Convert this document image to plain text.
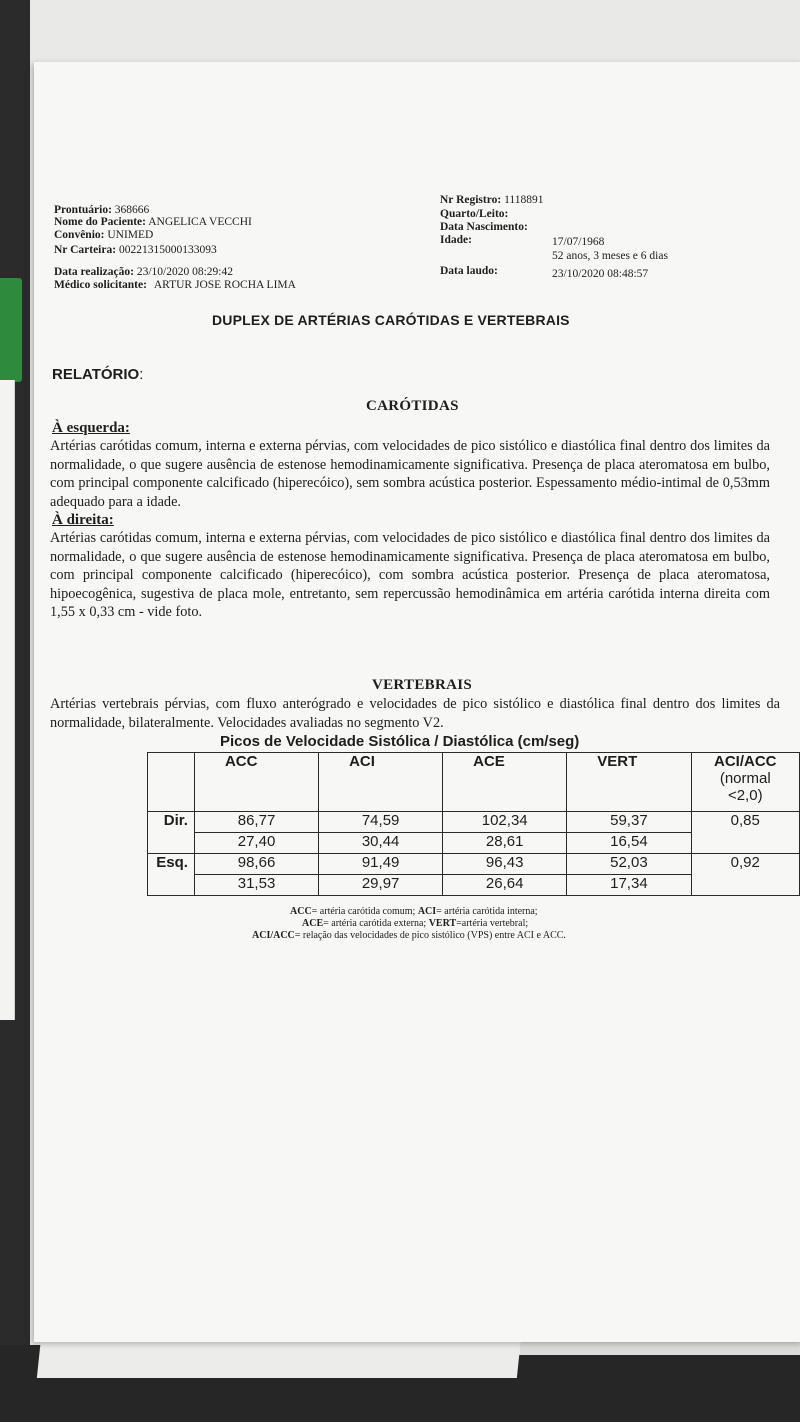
Prontuário: 368666
Nome do Paciente: ANGELICA VECCHI
Convênio: UNIMED
Nr Carteira: 00221315000133093
Data realização: 23/10/2020 08:29:42
Médico solicitante: ARTUR JOSE ROCHA LIMA
Nr Registro: 1118891
Quarto/Leito:
Data Nascimento:
17/07/1968
Idade:
52 anos, 3 meses e 6 dias
Data laudo:	23/10/2020 08:48:57
DUPLEX DE ARTÉRIAS CARÓTIDAS E VERTEBRAIS
RELATÓRIO:
CARÓTIDAS
À esquerda:
Artérias carótidas comum, interna e externa pérvias, com velocidades de pico sistólico e diastólica final dentro dos limites da normalidade, o que sugere ausência de estenose hemodinamicamente significativa. Presença de placa ateromatosa em bulbo, com principal componente calcificado (hiperecóico), sem sombra acústica posterior. Espessamento médio-intimal de 0,53mm adequado para a idade.
À direita:
Artérias carótidas comum, interna e externa pérvias, com velocidades de pico sistólico e diastólica final dentro dos limites da normalidade, o que sugere ausência de estenose hemodinamicamente significativa. Presença de placa ateromatosa em bulbo, com principal componente calcificado (hiperecóico), com sombra acústica posterior. Presença de placa ateromatosa, hipoecogênica, sugestiva de placa mole, entretanto, sem repercussão hemodinâmica em artéria carótida interna direita com 1,55 x 0,33 cm - vide foto.
VERTEBRAIS
Artérias vertebrais pérvias, com fluxo anterógrado e velocidades de pico sistólico e diastólica final dentro dos limites da normalidade, bilateralmente. Velocidades avaliadas no segmento V2.
Picos de Velocidade Sistólica / Diastólica (cm/seg)
	ACC	ACI	ACE	VERT	ACI/ACC
(normal
<2,0)

Dir.	86,77	74,59	102,34	59,37	0,85
	27,40	30,44	28,61	16,54	
Esq.	98,66	91,49	96,43	52,03	0,92
	31,53	29,97	26,64	17,34	
ACC= artéria carótida comum; ACI= artéria carótida interna;
ACE= artéria carótida externa; VERT=artéria vertebral;
ACI/ACC= relação das velocidades de pico sistólico (VPS) entre ACI e ACC.
